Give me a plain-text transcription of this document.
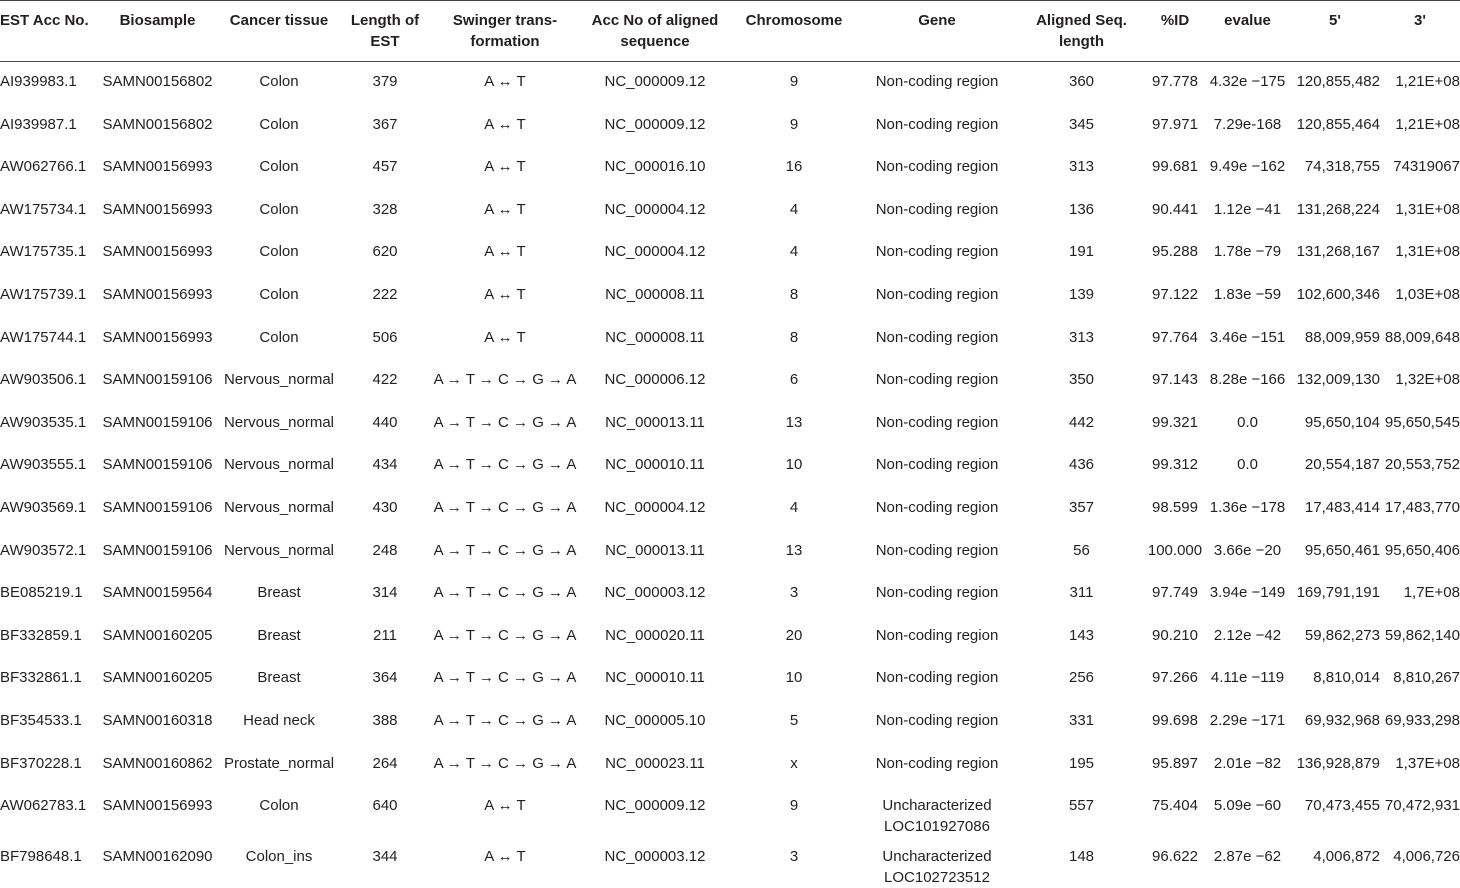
EST Acc No.	Biosample	Cancer tissue	Length of EST	Swinger trans-formation	Acc No of aligned sequence	Chromosome	Gene	Aligned Seq. length	%ID	evalue	5'	3'
AI939983.1	SAMN00156802	Colon	379	A ↔ T	NC_000009.12	9	Non-coding region	360	97.778	4.32e −175	120,855,482	1,21E+08
AI939987.1	SAMN00156802	Colon	367	A ↔ T	NC_000009.12	9	Non-coding region	345	97.971	7.29e-168	120,855,464	1,21E+08
AW062766.1	SAMN00156993	Colon	457	A ↔ T	NC_000016.10	16	Non-coding region	313	99.681	9.49e −162	74,318,755	74319067
AW175734.1	SAMN00156993	Colon	328	A ↔ T	NC_000004.12	4	Non-coding region	136	90.441	1.12e −41	131,268,224	1,31E+08
AW175735.1	SAMN00156993	Colon	620	A ↔ T	NC_000004.12	4	Non-coding region	191	95.288	1.78e −79	131,268,167	1,31E+08
AW175739.1	SAMN00156993	Colon	222	A ↔ T	NC_000008.11	8	Non-coding region	139	97.122	1.83e −59	102,600,346	1,03E+08
AW175744.1	SAMN00156993	Colon	506	A ↔ T	NC_000008.11	8	Non-coding region	313	97.764	3.46e −151	88,009,959	88,009,648
AW903506.1	SAMN00159106	Nervous_normal	422	A → T → C → G → A	NC_000006.12	6	Non-coding region	350	97.143	8.28e −166	132,009,130	1,32E+08
AW903535.1	SAMN00159106	Nervous_normal	440	A → T → C → G → A	NC_000013.11	13	Non-coding region	442	99.321	0.0	95,650,104	95,650,545
AW903555.1	SAMN00159106	Nervous_normal	434	A → T → C → G → A	NC_000010.11	10	Non-coding region	436	99.312	0.0	20,554,187	20,553,752
AW903569.1	SAMN00159106	Nervous_normal	430	A → T → C → G → A	NC_000004.12	4	Non-coding region	357	98.599	1.36e −178	17,483,414	17,483,770
AW903572.1	SAMN00159106	Nervous_normal	248	A → T → C → G → A	NC_000013.11	13	Non-coding region	56	100.000	3.66e −20	95,650,461	95,650,406
BE085219.1	SAMN00159564	Breast	314	A → T → C → G → A	NC_000003.12	3	Non-coding region	311	97.749	3.94e −149	169,791,191	1,7E+08
BF332859.1	SAMN00160205	Breast	211	A → T → C → G → A	NC_000020.11	20	Non-coding region	143	90.210	2.12e −42	59,862,273	59,862,140
BF332861.1	SAMN00160205	Breast	364	A → T → C → G → A	NC_000010.11	10	Non-coding region	256	97.266	4.11e −119	8,810,014	8,810,267
BF354533.1	SAMN00160318	Head neck	388	A → T → C → G → A	NC_000005.10	5	Non-coding region	331	99.698	2.29e −171	69,932,968	69,933,298
BF370228.1	SAMN00160862	Prostate_normal	264	A → T → C → G → A	NC_000023.11	x	Non-coding region	195	95.897	2.01e −82	136,928,879	1,37E+08
AW062783.1	SAMN00156993	Colon	640	A ↔ T	NC_000009.12	9	Uncharacterized LOC101927086	557	75.404	5.09e −60	70,473,455	70,472,931
BF798648.1	SAMN00162090	Colon_ins	344	A ↔ T	NC_000003.12	3	Uncharacterized LOC102723512	148	96.622	2.87e −62	4,006,872	4,006,726
